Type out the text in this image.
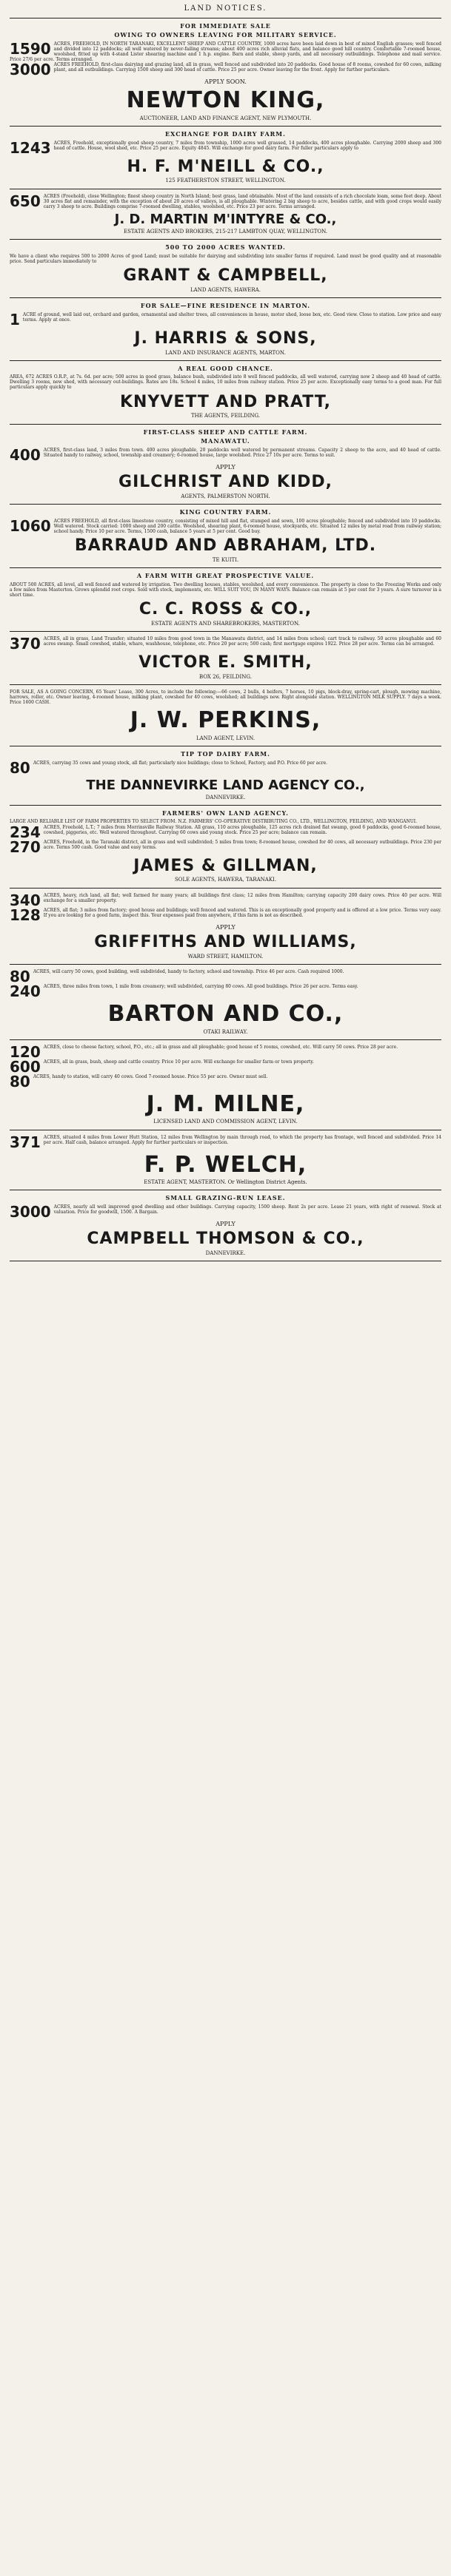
LAND NOTICES.
FOR IMMEDIATE SALE
OWING TO OWNERS LEAVING FOR MILITARY SERVICE.
1590 ACRES, FREEHOLD, IN NORTH TARANAKI, EXCELLENT SHEEP AND CATTLE COUNTRY, 1000 acres have been laid down in best of mixed English grasses; well fenced and divided into 12 paddocks; all well watered by never-failing streams; about 400 acres rich alluvial flats, and balance good hill country. Comfortable 7-roomed house, woolshed, fitted up with 4-stand Lister shearing machine and 1 h.p. engine. Barn and stable, sheep yards, and all necessary outbuildings. Telephone and mail service. Price 27/6 per acre. Terms arranged.
3000 ACRES FREEHOLD, first-class dairying and grazing land, all in grass, well fenced and subdivided into 20 paddocks. Good house of 8 rooms, cowshed for 60 cows, milking plant, and all outbuildings. Carrying 1500 sheep and 300 head of cattle. Price 25 per acre. Owner leaving for the front. Apply for further particulars.
APPLY SOON.
NEWTON KING,
AUCTIONEER, LAND AND FINANCE AGENT, NEW PLYMOUTH.
EXCHANGE FOR DAIRY FARM.
1243 ACRES, Freehold, exceptionally good sheep country, 7 miles from township, 1000 acres well grassed, 14 paddocks, 400 acres ploughable. Carrying 2000 sheep and 300 head of cattle. House, wool shed, etc. Price 25 per acre. Equity 4845. Will exchange for good dairy farm. For fuller particulars apply to
H. F. M'NEILL & CO.,
125 FEATHERSTON STREET, WELLINGTON.
650 ACRES (Freehold), close Wellington; finest sheep country in North Island; best grass, land obtainable. Most of the land consists of a rich chocolate loam, some feet deep. About 30 acres flat and remainder, with the exception of about 20 acres of valleys, is all ploughable. Wintering 2 big sheep to acre, besides cattle, and with good crops would easily carry 3 sheep to acre. Buildings comprise 7-roomed dwelling, stables, woolshed, etc. Price 23 per acre. Terms arranged.
J. D. MARTIN M'INTYRE & CO.,
ESTATE AGENTS AND BROKERS, 215-217 LAMBTON QUAY, WELLINGTON.
500 TO 2000 ACRES WANTED.
We have a client who requires 500 to 2000 Acres of good Land; must be suitable for dairying and subdividing into smaller farms if required. Land must be good quality and at reasonable price. Send particulars immediately to
GRANT & CAMPBELL,
LAND AGENTS, HAWERA.
FOR SALE—FINE RESIDENCE IN MARTON.
1 ACRE of ground, well laid out, orchard and garden, ornamental and shelter trees, all conveniences in house, motor shed, loose box, etc. Good view. Close to station. Low price and easy terms. Apply at once.
J. HARRIS & SONS,
LAND AND INSURANCE AGENTS, MARTON.
A REAL GOOD CHANCE.
AREA, 672 ACRES O.R.P., at 7s. 6d. per acre; 500 acres in good grass, balance bush, subdivided into 8 well fenced paddocks, all well watered, carrying now 2 sheep and 40 head of cattle. Dwelling 3 rooms, new shed, with necessary out-buildings. Rates are 18s. School 4 miles, 10 miles from railway station. Price 25 per acre. Exceptionally easy terms to a good man. For full particulars apply quickly to
KNYVETT AND PRATT,
THE AGENTS, FEILDING.
FIRST-CLASS SHEEP AND CATTLE FARM.
MANAWATU.
400 ACRES, first-class land, 3 miles from town. 400 acres ploughable, 20 paddocks well watered by permanent streams. Capacity 2 sheep to the acre, and 40 head of cattle. Situated handy to railway, school, township and creamery; 6-roomed house, large woolshed. Price 27 10s per acre. Terms to suit.
APPLY
GILCHRIST AND KIDD,
AGENTS, PALMERSTON NORTH.
KING COUNTRY FARM.
1060 ACRES FREEHOLD, all first-class limestone country, consisting of mixed hill and flat, stumped and sown, 100 acres ploughable; fenced and subdivided into 10 paddocks. Well watered. Stock carried: 1000 sheep and 200 cattle. Woolshed, shearing plant, 6-roomed house, stockyards, etc. Situated 12 miles by metal road from railway station; school handy. Price 10 per acre. Terms, 1500 cash, balance 5 years at 5 per cent. Good buy.
BARRAUD AND ABRAHAM, LTD.
TE KUITI.
A FARM WITH GREAT PROSPECTIVE VALUE.
ABOUT 500 ACRES, all level, all well fenced and watered by irrigation. Two dwelling houses, stables, woolshed, and every convenience. The property is close to the Freezing Works and only a few miles from Masterton. Grows splendid root crops. Sold with stock, implements, etc. WILL SUIT YOU, IN MANY WAYS. Balance can remain at 5 per cent for 3 years. A sure turnover in a short time.
C. C. ROSS & CO.,
ESTATE AGENTS AND SHAREBROKERS, MASTERTON.
370 ACRES, all in grass, Land Transfer; situated 10 miles from good town in the Manawatu district, and 14 miles from school; cart track to railway. 50 acres ploughable and 60 acres swamp. Small cowshed, stable, whare, washhouse, telephone, etc. Price 20 per acre; 500 cash; first mortgage expires 1922. Price 28 per acre. Terms can be arranged.
VICTOR E. SMITH,
BOX 26, FEILDING.
FOR SALE, AS A GOING CONCERN, 65 Years' Lease, 300 Acres, to include the following:—66 cows, 2 bulls, 4 heifers, 7 horses, 10 pigs, block-dray, spring-cart, plough, mowing machine, harrows, roller, etc. Owner leaving, 4-roomed house, milking plant, cowshed for 40 cows, woolshed; all buildings new. Right alongside station. WELLINGTON MILK SUPPLY. 7 days a week. Price 1600 CASH.
J. W. PERKINS,
LAND AGENT, LEVIN.
TIP TOP DAIRY FARM.
80 ACRES, carrying 35 cows and young stock, all flat; particularly nice buildings; close to School, Factory, and P.O. Price 60 per acre.
THE DANNEVIRKE LAND AGENCY CO.,
DANNEVIRKE.
FARMERS' OWN LAND AGENCY.
LARGE AND RELIABLE LIST OF FARM PROPERTIES TO SELECT FROM. N.Z. FARMERS' CO-OPERATIVE DISTRIBUTING CO., LTD., WELLINGTON, FEILDING, AND WANGANUI.
234 ACRES, Freehold, L.T.; 7 miles from Morrinsville Railway Station. All grass, 110 acres ploughable, 125 acres rich drained flat swamp, good 6 paddocks, good 6-roomed house, cowshed, piggeries, etc. Well watered throughout. Carrying 60 cows and young stock. Price 25 per acre; balance can remain.
270 ACRES, Freehold, in the Taranaki district, all in grass and well subdivided; 5 miles from town; 8-roomed house, cowshed for 40 cows, all necessary outbuildings. Price 230 per acre. Terms 500 cash. Good value and easy terms.
JAMES & GILLMAN,
SOLE AGENTS, HAWERA, TARANAKI.
340 ACRES, heavy, rich land, all flat; well farmed for many years; all buildings first class; 12 miles from Hamilton; carrying capacity 200 dairy cows. Price 40 per acre. Will exchange for a smaller property.
128 ACRES, all flat; 3 miles from factory; good house and buildings; well fenced and watered. This is an exceptionally good property and is offered at a low price. Terms very easy. If you are looking for a good farm, inspect this. Your expenses paid from anywhere, if this farm is not as described.
APPLY
GRIFFITHS AND WILLIAMS,
WARD STREET, HAMILTON.
80 ACRES, will carry 50 cows, good building, well subdivided, handy to factory, school and township. Price 46 per acre. Cash required 1000.
240 ACRES, three miles from town, 1 mile from creamery; well subdivided, carrying 80 cows. All good buildings. Price 26 per acre. Terms easy.
BARTON AND CO.,
OTAKI RAILWAY.
120 ACRES, close to cheese factory, school, P.O., etc.; all in grass and all ploughable; good house of 5 rooms, cowshed, etc. Will carry 50 cows. Price 28 per acre.
600 ACRES, all in grass, bush, sheep and cattle country. Price 10 per acre. Will exchange for smaller farm or town property.
80 ACRES, handy to station, will carry 40 cows. Good 7-roomed house. Price 55 per acre. Owner must sell.
J. M. MILNE,
LICENSED LAND AND COMMISSION AGENT, LEVIN.
371 ACRES, situated 4 miles from Lower Hutt Station, 12 miles from Wellington by main through road, to which the property has frontage, well fenced and subdivided. Price 14 per acre. Half cash, balance arranged. Apply for further particulars or inspection.
F. P. WELCH,
ESTATE AGENT, MASTERTON. Or Wellington District Agents.
SMALL GRAZING-RUN LEASE.
3000 ACRES, nearly all well improved good dwelling and other buildings. Carrying capacity, 1500 sheep. Rent 2s per acre. Lease 21 years, with right of renewal. Stock at valuation. Price for goodwill, 1500. A Bargain.
APPLY
CAMPBELL THOMSON & CO.,
DANNEVIRKE.
